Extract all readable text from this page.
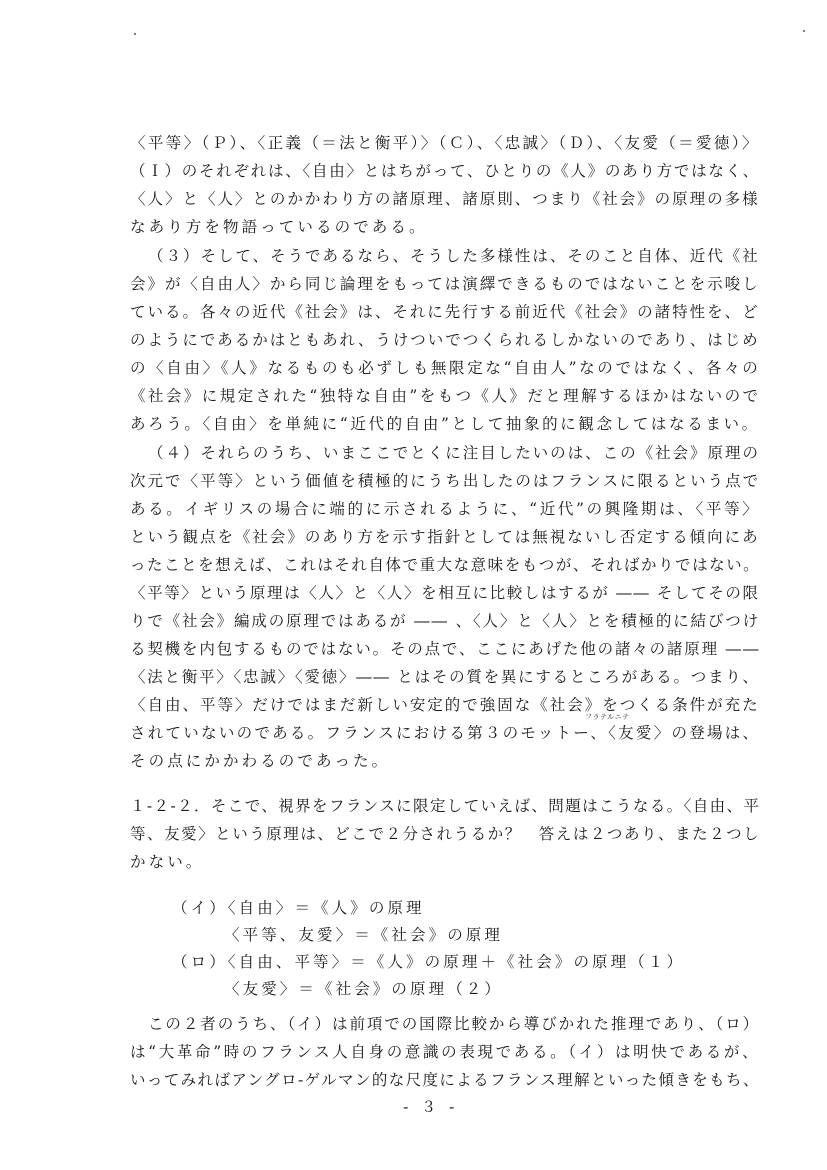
〈平等〉（Ｐ）、〈正義（＝法と衡平）〉（Ｃ）、〈忠誠〉（Ｄ）、〈友愛（＝愛徳）〉
（Ｉ）のそれぞれは、〈自由〉とはちがって、ひとりの《人》のあり方ではなく、
〈人〉と〈人〉とのかかわり方の諸原理、諸原則、つまり《社会》の原理の多様
なあり方を物語っているのである。
（３）そして、そうであるなら、そうした多様性は、そのこと自体、近代《社
会》が〈自由人〉から同じ論理をもっては演繹できるものではないことを示唆し
ている。各々の近代《社会》は、それに先行する前近代《社会》の諸特性を、ど
のようにであるかはともあれ、うけついでつくられるしかないのであり、はじめ
の〈自由〉《人》なるものも必ずしも無限定な“自由人”なのではなく、各々の
《社会》に規定された“独特な自由”をもつ《人》だと理解するほかはないので
あろう。〈自由〉を単純に“近代的自由”として抽象的に観念してはなるまい。
（４）それらのうち、いまここでとくに注目したいのは、この《社会》原理の
次元で〈平等〉という価値を積極的にうち出したのはフランスに限るという点で
ある。イギリスの場合に端的に示されるように、“近代”の興隆期は、〈平等〉
という観点を《社会》のあり方を示す指針としては無視ないし否定する傾向にあ
ったことを想えば、これはそれ自体で重大な意味をもつが、そればかりではない。
〈平等〉という原理は〈人〉と〈人〉を相互に比較しはするが ―― そしてその限
りで《社会》編成の原理ではあるが ―― 、〈人〉と〈人〉とを積極的に結びつけ
る契機を内包するものではない。その点で、ここにあげた他の諸々の諸原理 ――
〈法と衡平〉〈忠誠〉〈愛徳〉―― とはその質を異にするところがある。つまり、
〈自由、平等〉だけではまだ新しい安定的で強固な《社会》をつくる条件が充た
フラテルニテ
されていないのである。フランスにおける第３のモットー、〈友愛〉の登場は、
その点にかかわるのであった。
１-２-２．そこで、視界をフランスに限定していえば、問題はこうなる。〈自由、平
等、友愛〉という原理は、どこで２分されうるか？　答えは２つあり、また２つし
かない。
（イ）〈自由〉＝《人》の原理
〈平等、友愛〉＝《社会》の原理
（ロ）〈自由、平等〉＝《人》の原理＋《社会》の原理（１）
〈友愛〉＝《社会》の原理（２）
この２者のうち、（イ）は前項での国際比較から導びかれた推理であり、（ロ）
は“大革命”時のフランス人自身の意識の表現である。（イ）は明快であるが、
いってみればアングロ-ゲルマン的な尺度によるフランス理解といった傾きをもち、
- ３ -
